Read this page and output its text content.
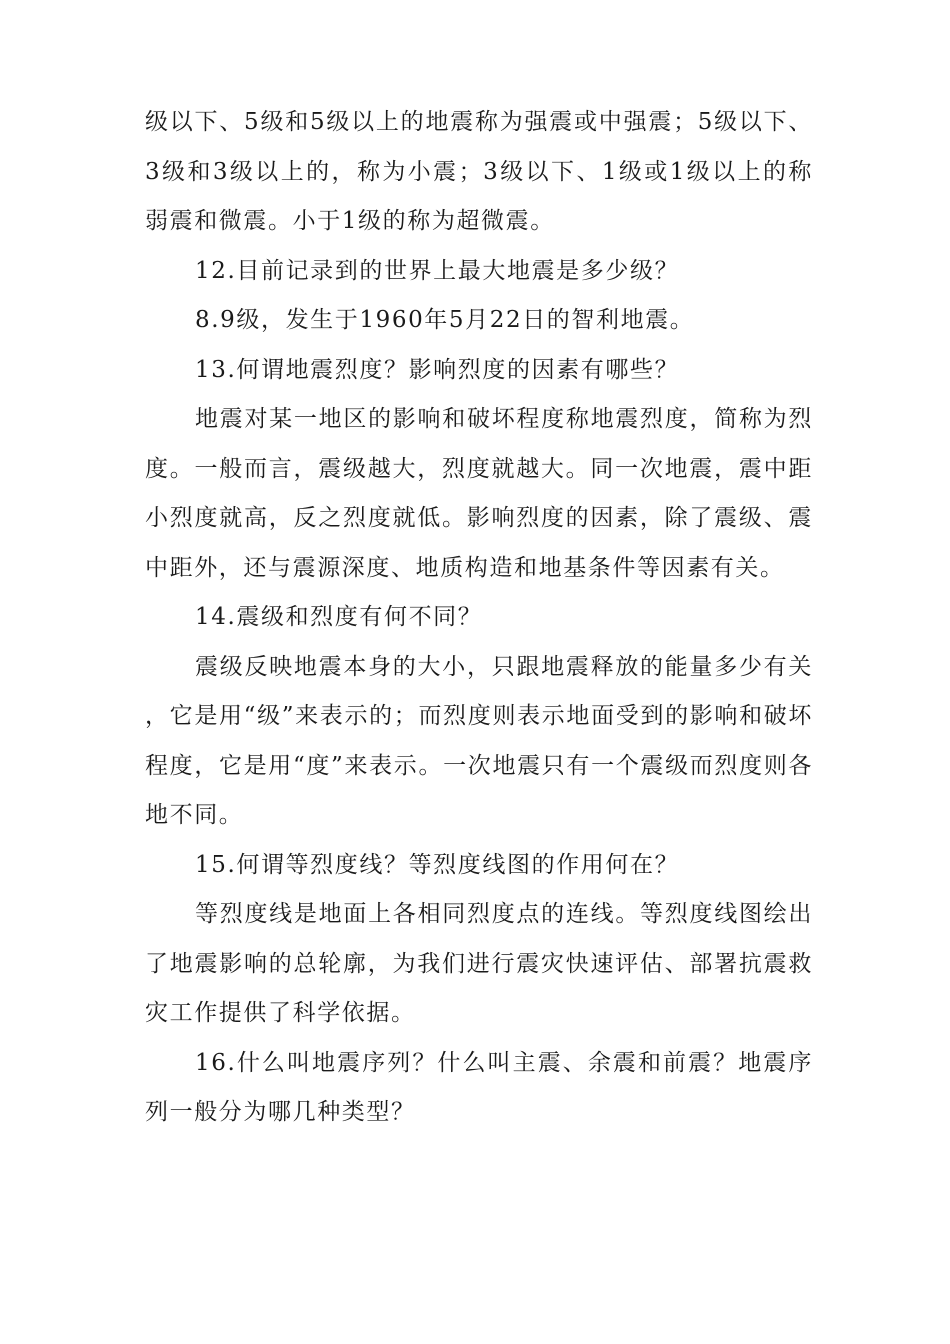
级以下、5级和5级以上的地震称为强震或中强震；5级以下、3级和3级以上的，称为小震；3级以下、1级或1级以上的称弱震和微震。小于1级的称为超微震。

12.目前记录到的世界上最大地震是多少级？

8.9级，发生于1960年5月22日的智利地震。

13.何谓地震烈度？影响烈度的因素有哪些？

地震对某一地区的影响和破坏程度称地震烈度，简称为烈度。一般而言，震级越大，烈度就越大。同一次地震，震中距小烈度就高，反之烈度就低。影响烈度的因素，除了震级、震中距外，还与震源深度、地质构造和地基条件等因素有关。

14.震级和烈度有何不同？

震级反映地震本身的大小，只跟地震释放的能量多少有关，它是用“级”来表示的；而烈度则表示地面受到的影响和破坏程度，它是用“度”来表示。一次地震只有一个震级而烈度则各地不同。

15.何谓等烈度线？等烈度线图的作用何在？

等烈度线是地面上各相同烈度点的连线。等烈度线图绘出了地震影响的总轮廓，为我们进行震灾快速评估、部署抗震救灾工作提供了科学依据。

16.什么叫地震序列？什么叫主震、余震和前震？地震序列一般分为哪几种类型？
